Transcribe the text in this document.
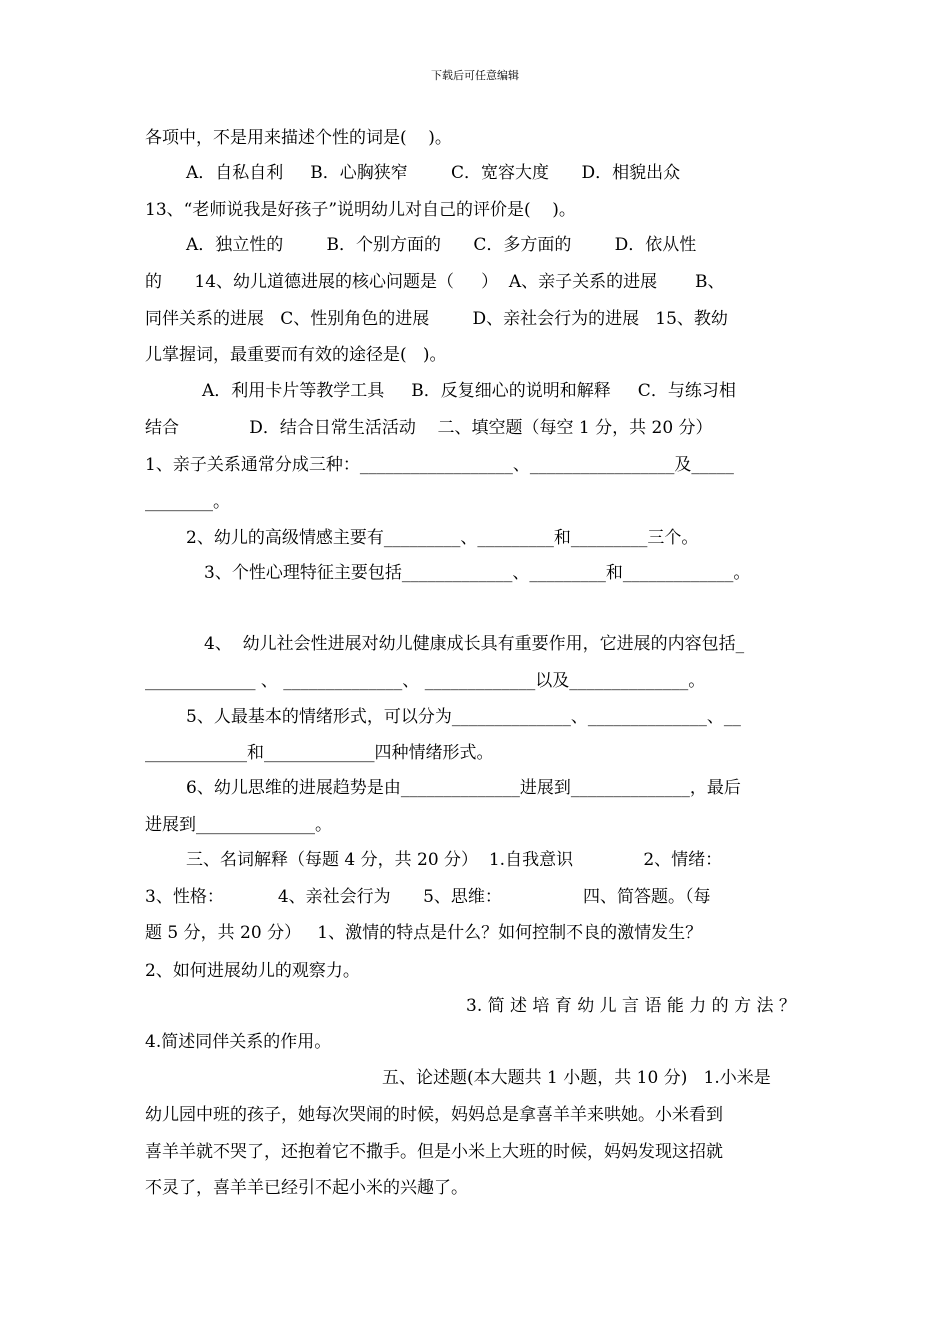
下载后可任意编辑
各项中，不是用来描述个性的词是(    )。
A．自私自利     B．心胸狭窄        C．宽容大度      D．相貌出众
13、“老师说我是好孩子”说明幼儿对自己的评价是(    )。
A．独立性的        B．个别方面的      C．多方面的        D．依从性
的      14、幼儿道德进展的核心问题是（     ）  A、亲子关系的进展       B、
同伴关系的进展   C、性别角色的进展        D、亲社会行为的进展   15、教幼
儿掌握词，最重要而有效的途径是(   )。
A．利用卡片等教学工具     B．反复细心的说明和解释     C．与练习相
结合             D．结合日常生活活动    二、填空题（每空 1 分，共 20 分）
1、亲子关系通常分成三种：__________________、_________________及_____
________。
2、幼儿的高级情感主要有_________、_________和_________三个。
3、个性心理特征主要包括_____________、_________和_____________。
4、  幼儿社会性进展对幼儿健康成长具有重要作用，它进展的内容包括_
_____________ 、 ______________、 _____________以及______________。
5、人最基本的情绪形式，可以分为______________、______________、__
____________和_____________四种情绪形式。
6、幼儿思维的进展趋势是由______________进展到______________，最后
进展到______________。
三、名词解释（每题 4 分，共 20 分）  1.自我意识             2、情绪：
3、性格：          4、亲社会行为      5、思维：               四、简答题。（每
题 5 分，共 20 分）   1、激情的特点是什么？如何控制不良的激情发生？
2、如何进展幼儿的观察力。
3. 简 述 培 育 幼 儿 言 语 能 力 的 方 法 ？
4.简述同伴关系的作用。
五、论述题(本大题共 1 小题，共 10 分)   1.小米是
幼儿园中班的孩子，她每次哭闹的时候，妈妈总是拿喜羊羊来哄她。小米看到
喜羊羊就不哭了，还抱着它不撒手。但是小米上大班的时候，妈妈发现这招就
不灵了，喜羊羊已经引不起小米的兴趣了。
